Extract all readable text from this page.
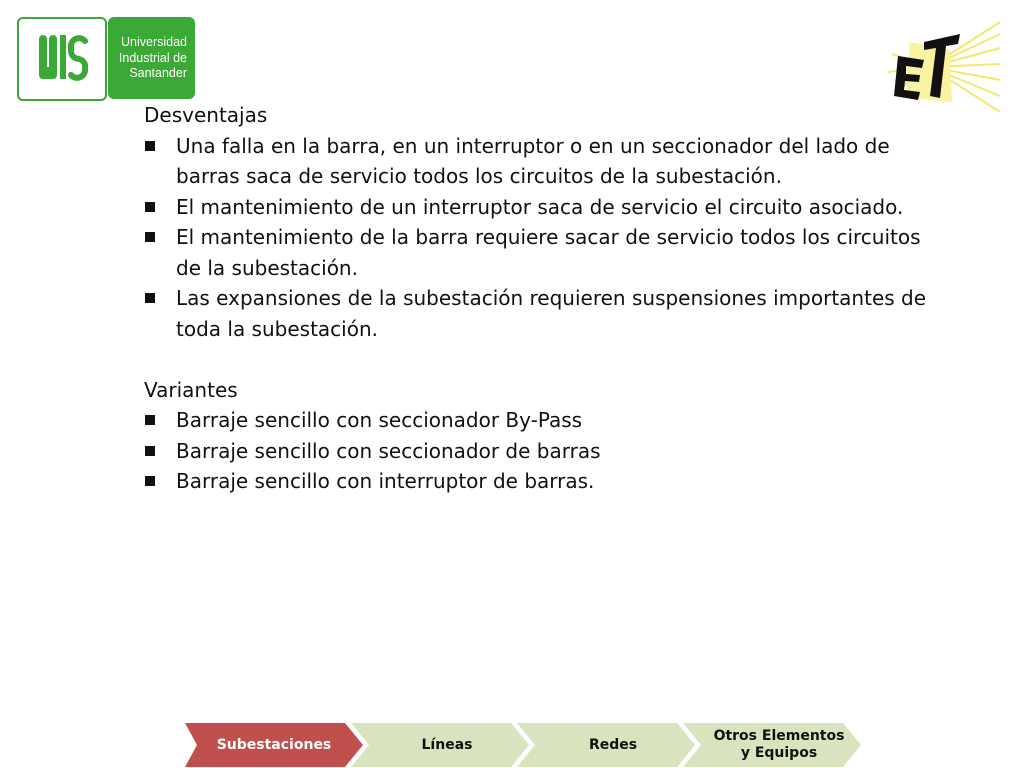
Universidad
Industrial de
Santander

Desventajas

Una falla en la barra, en un interruptor o en un seccionador del lado de barras saca de servicio todos los circuitos de la subestación.
El mantenimiento de un interruptor saca de servicio el circuito asociado.
El mantenimiento de la barra requiere sacar de servicio todos los circuitos de la subestación.
Las expansiones de la subestación requieren suspensiones importantes de toda la subestación.

Variantes

Barraje sencillo con seccionador By-Pass
Barraje sencillo con seccionador de barras
Barraje sencillo con interruptor de barras.
Subestaciones	Líneas	Redes
Otros Elementos
y Equipos
